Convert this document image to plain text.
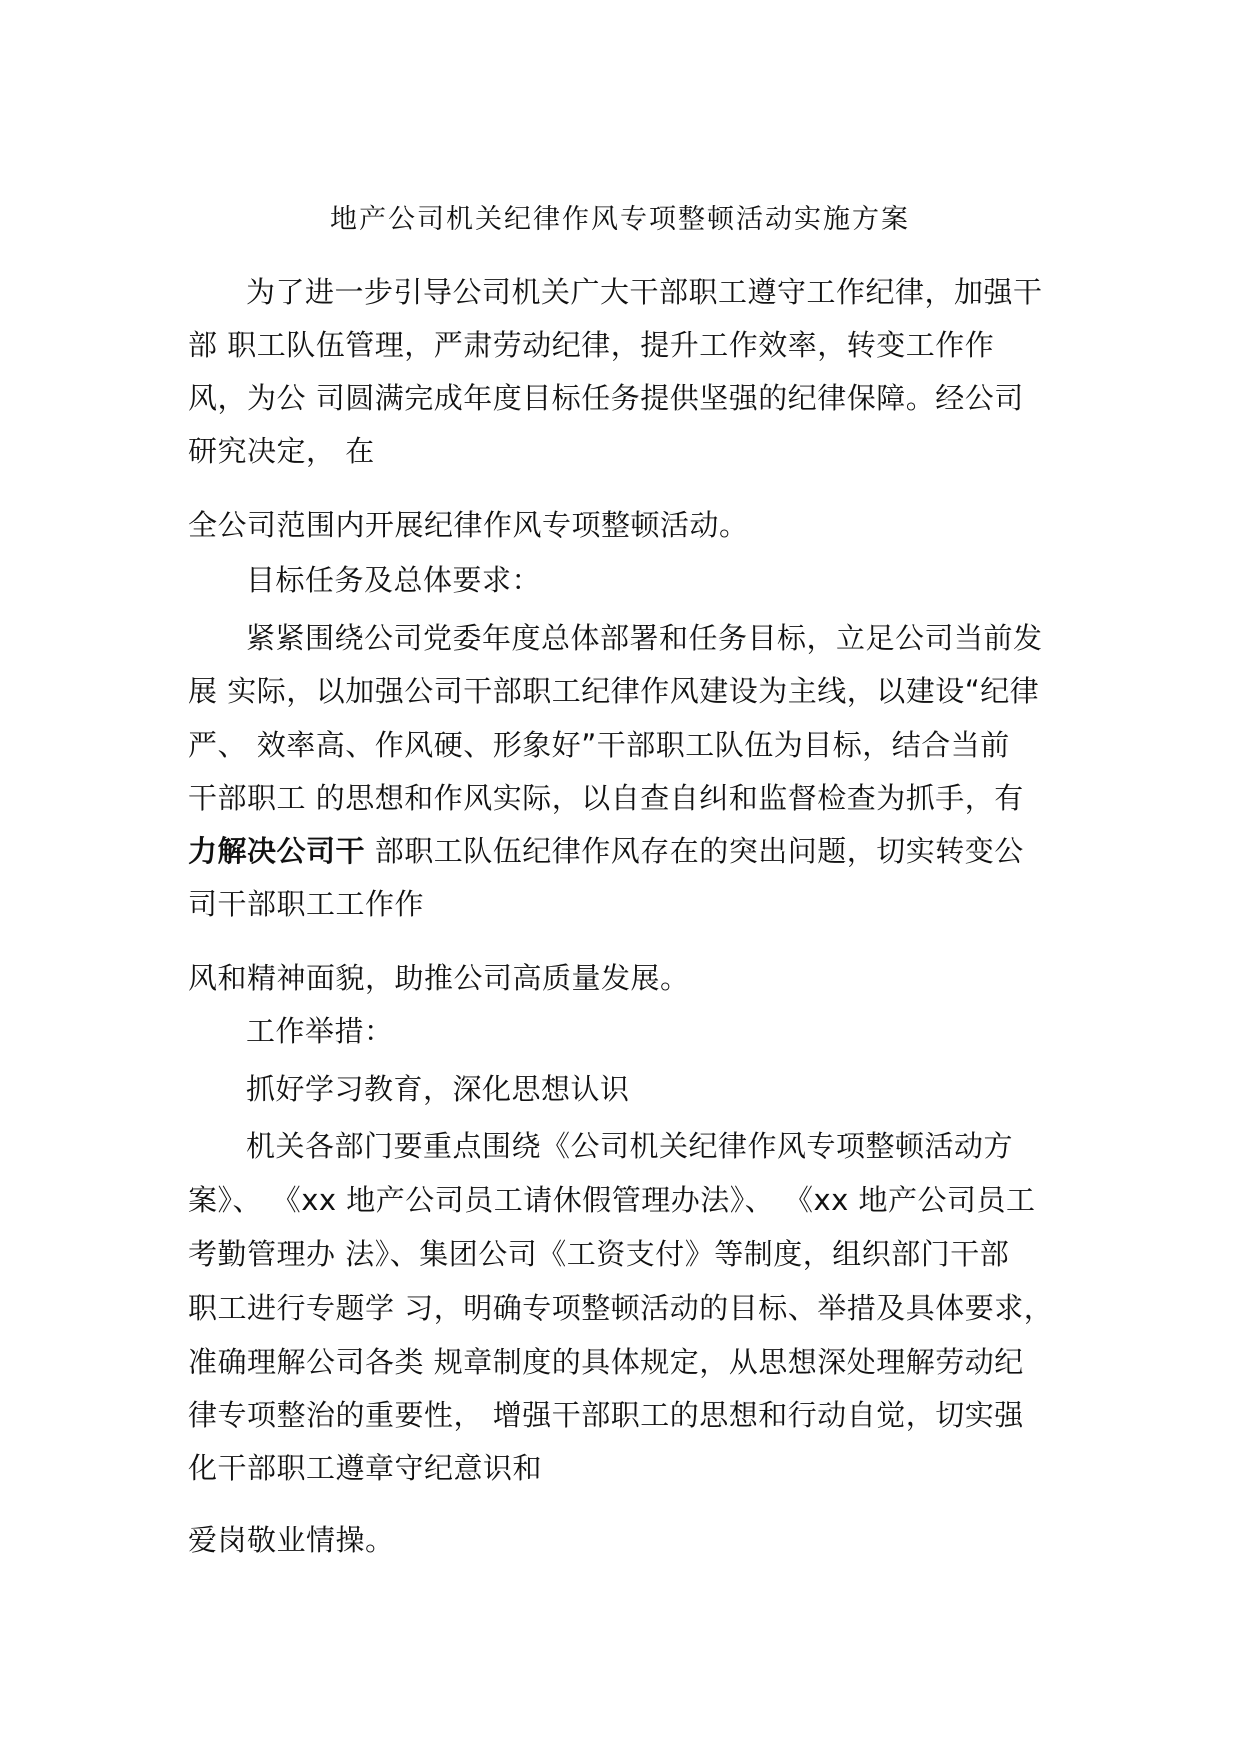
地产公司机关纪律作风专项整顿活动实施方案
为了进一步引导公司机关广大干部职工遵守工作纪律，加强干
部 职工队伍管理，严肃劳动纪律，提升工作效率，转变工作作
风，为公 司圆满完成年度目标任务提供坚强的纪律保障。经公司
研究决定， 在
全公司范围内开展纪律作风专项整顿活动。
目标任务及总体要求：
紧紧围绕公司党委年度总体部署和任务目标，立足公司当前发
展 实际，以加强公司干部职工纪律作风建设为主线，以建设“纪律
严、 效率高、作风硬、形象好”干部职工队伍为目标，结合当前
干部职工 的思想和作风实际，以自查自纠和监督检查为抓手，有
力解决公司干 部职工队伍纪律作风存在的突出问题，切实转变公
司干部职工工作作
风和精神面貌，助推公司高质量发展。
工作举措：
抓好学习教育，深化思想认识
机关各部门要重点围绕《公司机关纪律作风专项整顿活动方
案》、 《xx 地产公司员工请休假管理办法》、 《xx 地产公司员工
考勤管理办 法》、集团公司《工资支付》等制度，组织部门干部
职工进行专题学 习，明确专项整顿活动的目标、举措及具体要求，
准确理解公司各类 规章制度的具体规定，从思想深处理解劳动纪
律专项整治的重要性， 增强干部职工的思想和行动自觉，切实强
化干部职工遵章守纪意识和
爱岗敬业情操。
